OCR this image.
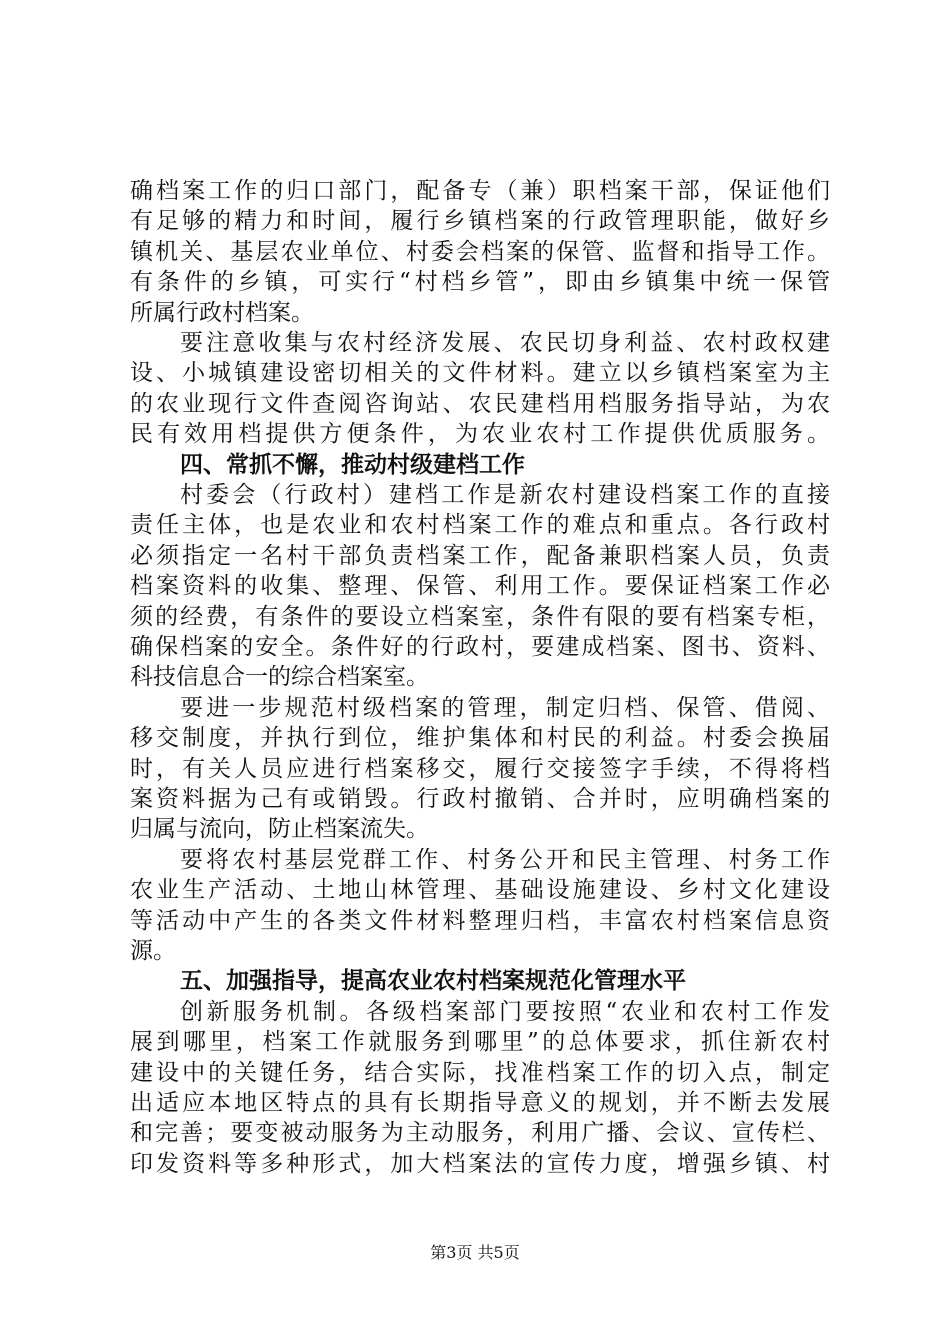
确档案工作的归口部门，配备专（兼）职档案干部，保证他们
有足够的精力和时间，履行乡镇档案的行政管理职能，做好乡
镇机关、基层农业单位、村委会档案的保管、监督和指导工作。
有条件的乡镇，可实行“村档乡管”，即由乡镇集中统一保管
所属行政村档案。
要注意收集与农村经济发展、农民切身利益、农村政权建
设、小城镇建设密切相关的文件材料。建立以乡镇档案室为主
的农业现行文件查阅咨询站、农民建档用档服务指导站，为农
民有效用档提供方便条件，为农业农村工作提供优质服务。
四、常抓不懈，推动村级建档工作
村委会（行政村）建档工作是新农村建设档案工作的直接
责任主体，也是农业和农村档案工作的难点和重点。各行政村
必须指定一名村干部负责档案工作，配备兼职档案人员，负责
档案资料的收集、整理、保管、利用工作。要保证档案工作必
须的经费，有条件的要设立档案室，条件有限的要有档案专柜，
确保档案的安全。条件好的行政村，要建成档案、图书、资料、
科技信息合一的综合档案室。
要进一步规范村级档案的管理，制定归档、保管、借阅、
移交制度，并执行到位，维护集体和村民的利益。村委会换届
时，有关人员应进行档案移交，履行交接签字手续，不得将档
案资料据为己有或销毁。行政村撤销、合并时，应明确档案的
归属与流向，防止档案流失。
要将农村基层党群工作、村务公开和民主管理、村务工作
农业生产活动、土地山林管理、基础设施建设、乡村文化建设
等活动中产生的各类文件材料整理归档，丰富农村档案信息资
源。
五、加强指导，提高农业农村档案规范化管理水平
创新服务机制。各级档案部门要按照“农业和农村工作发
展到哪里，档案工作就服务到哪里”的总体要求，抓住新农村
建设中的关键任务，结合实际，找准档案工作的切入点，制定
出适应本地区特点的具有长期指导意义的规划，并不断去发展
和完善；要变被动服务为主动服务，利用广播、会议、宣传栏、
印发资料等多种形式，加大档案法的宣传力度，增强乡镇、村
第3页 共5页
